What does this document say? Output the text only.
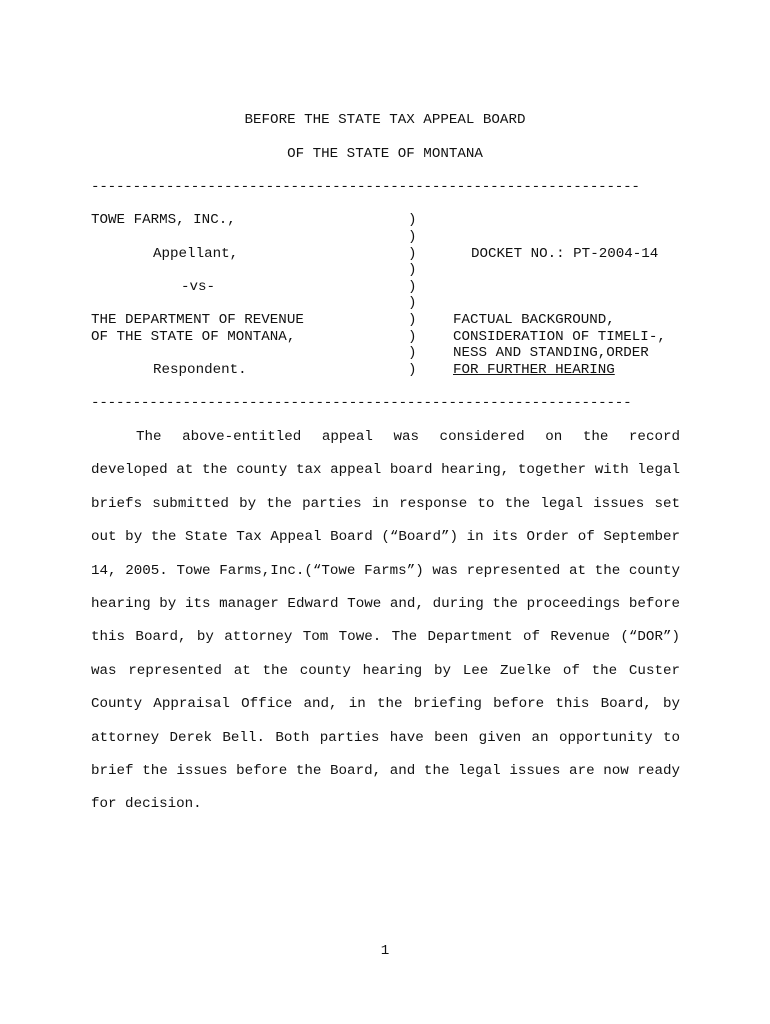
BEFORE THE STATE TAX APPEAL BOARD
OF THE STATE OF MONTANA
------------------------------------------------------------------
TOWE FARMS, INC.,
Appellant,
-vs-
THE DEPARTMENT OF REVENUE
OF THE STATE OF MONTANA,
Respondent.
)
)
)
)
)
)
)
)
)
)
DOCKET NO.: PT-2004-14
FACTUAL BACKGROUND,
CONSIDERATION OF TIMELI-,
NESS AND STANDING,ORDER
FOR FURTHER HEARING
-----------------------------------------------------------------
The above-entitled appeal was considered on the record developed at the county tax appeal board hearing, together with legal briefs submitted by the parties in response to the legal issues set out by the State Tax Appeal Board (“Board”) in its Order of September 14, 2005. Towe Farms,Inc.(“Towe Farms”) was represented at the county hearing by its manager Edward Towe and, during the proceedings before this Board, by attorney Tom Towe. The Department of Revenue (“DOR”) was represented at the county hearing by Lee Zuelke of the Custer County Appraisal Office and, in the briefing before this Board, by attorney Derek Bell. Both parties have been given an opportunity to brief the issues before the Board, and the legal issues are now ready for decision.
1
